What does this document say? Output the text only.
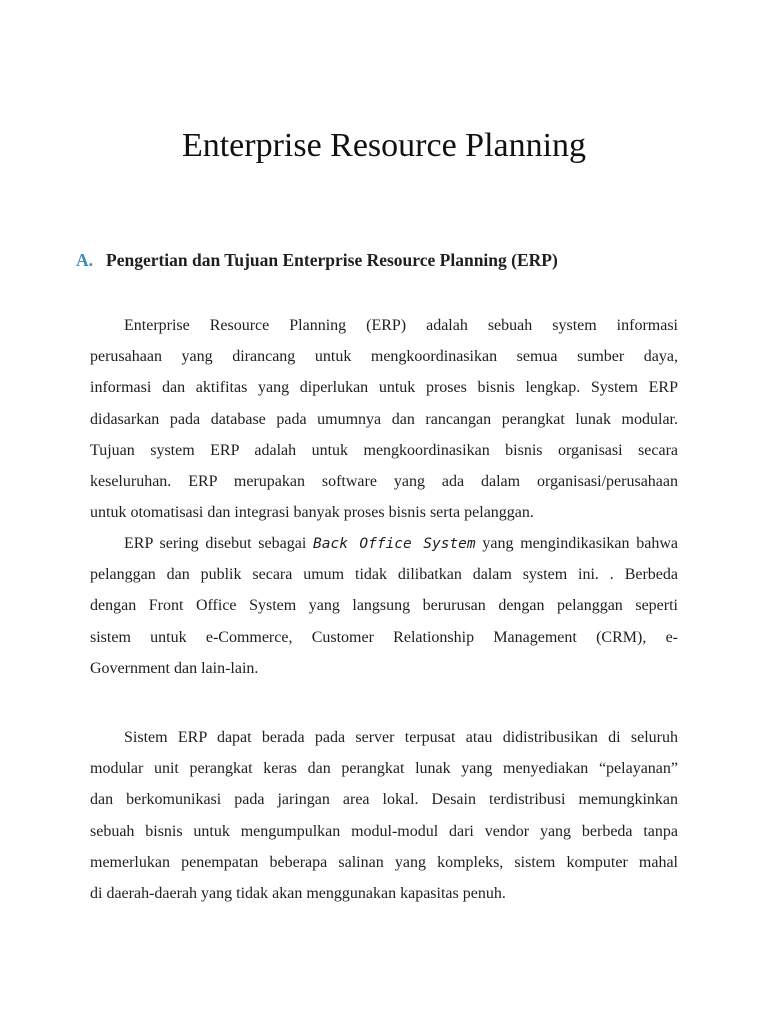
Enterprise Resource Planning
A. Pengertian dan Tujuan Enterprise Resource Planning (ERP)

Enterprise Resource Planning (ERP) adalah sebuah system informasi
perusahaan yang dirancang untuk mengkoordinasikan semua sumber daya,
informasi dan aktifitas yang diperlukan untuk proses bisnis lengkap. System ERP
didasarkan pada database pada umumnya dan rancangan perangkat lunak modular.
Tujuan system ERP adalah untuk mengkoordinasikan bisnis organisasi secara
keseluruhan. ERP merupakan software yang ada dalam organisasi/perusahaan
untuk otomatisasi dan integrasi banyak proses bisnis serta pelanggan.

ERP sering disebut sebagai Back Office System yang mengindikasikan bahwa
pelanggan dan publik secara umum tidak dilibatkan dalam system ini. . Berbeda
dengan Front Office System yang langsung berurusan dengan pelanggan seperti
sistem untuk e-Commerce, Customer Relationship Management (CRM), e-
Government dan lain-lain.

Sistem ERP dapat berada pada server terpusat atau didistribusikan di seluruh
modular unit perangkat keras dan perangkat lunak yang menyediakan “pelayanan”
dan berkomunikasi pada jaringan area lokal. Desain terdistribusi memungkinkan
sebuah bisnis untuk mengumpulkan modul-modul dari vendor yang berbeda tanpa
memerlukan penempatan beberapa salinan yang kompleks, sistem komputer mahal
di daerah-daerah yang tidak akan menggunakan kapasitas penuh.
